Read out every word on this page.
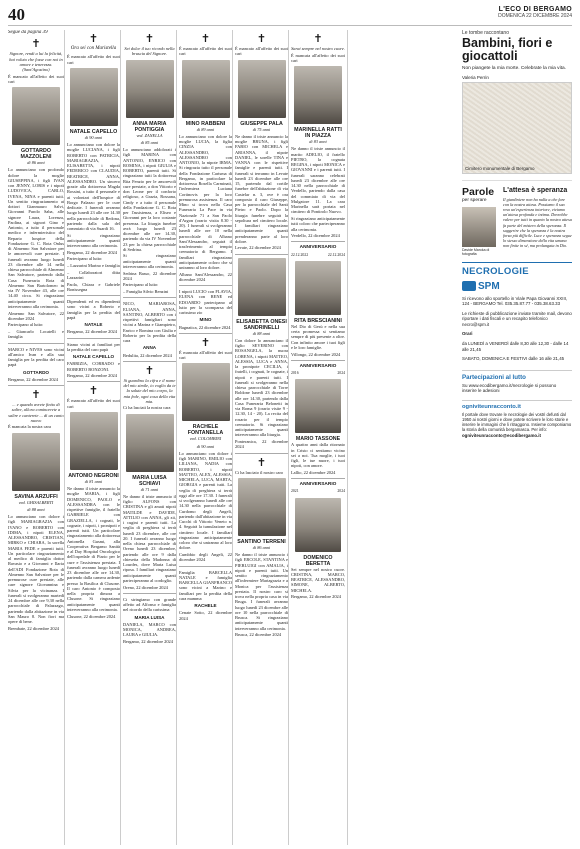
40	L'ECO DI BERGAMO
DOMENICA 22 DICEMBRE 2024
Segue da pagina 39
✝

Signore, rendi a lui la felicità, hai voluto che fosse con noi in amore e tenerezza. (Sant'Agostino)

È mancato all'affetto dei suoi cari

GOTTARDO MAZZOLENI
di 86 anni

Lo annunciano con profondo dolore la moglie GIUSEPPINA, i figli IVAN con JENNY, LORIS e i nipoti LUDOVICA, CARLO, IVENA, NINA e parenti tutti. Un sentito ringraziamento ai dottori Gianmauro Salvi, Giovanni Parolo Saba, alle signore Laura, Lorenza, Paolina, ai signori Gino e Antonio, a tutto il personale medico e infermieristico del Reparto hospice della Fondazione G. C. Rota Onlus di Almenno San Salvatore per le amorevoli cure prestate. I funerali avranno luogo lunedì 23 dicembre alle 14 nella chiesa parrocchiale di Almenno San Salvatore, partendo dalla Casa Funeraria Rota di Almenno San Bartolomeo in via IV Novembre 43, alle ore 14.40 circa. Si ringraziano anticipatamente quanti interverranno alla cerimonia.

Almenno San Salvatore, 22 dicembre 2024

Partecipano al lutto:

– Giancarlo Locatelli e famiglia

MARCO e NIVES sono vicini all'amico Ivan e alla sua famiglia per la perdita del caro papà

GOTTARDO

Bergamo, 22 dicembre 2024

✝

... e quando avrete finito di salire, allora comincerete a salire e canterete ... di un canto nuovo

È mancata la nostra cara

SAVINA ARZUFFI
ved. GHISALBERTI
di 88 anni

Lo annunciano con dolore i figli MARIAGRAZIA con IVANO e ROBERTO con IDIMA, i nipoti ELENA, ALESSANDRO, CRISTIAN, MIRKO e CHIARA, la sorella MARIA FEDE e parenti tutti. Un particolare ringraziamento al medico di famiglia dottor Ravasio e a Giovanni e Ilaria dell'ADI Fondazione Rota di Almenno San Salvatore per le premurose cure prestate, alle care signore Giovannina e Silvia per la vicinanza. I funerali si svolgeranno martedì 24 dicembre alle ore 9,30 nella parrocchiale di Palazzago, partendo dalla abitazione in via San Mauro 8. Non fiori ma opere di bene.

Brembate, 22 dicembre 2024

✝
Ora sei con Maristella

È mancato all'affetto dei suoi cari

NATALE CAPELLO
di 90 anni

Lo annunciano con dolore la moglie LUCIANA, i figli ROBERTO con PATRICIA, MARIAGRAZIA, ELISABETTA, i nipoti FEDERICO con CLAUDIA, BEATRICE, ANNA, ALESSANDRO. Un sincero grazie alla dottoressa Magda Rossini, a tutto il personale e ai volontari dell'hospice di Borgo Palazzo per le cure dedicate. I funerali avranno luogo lunedì 23 alle ore 14.30 nella parrocchiale di Redona, partendo dalla sala del commiato di via Suardi 16.

Si ringraziano anticipatamente quanti interverranno alla cerimonia.

Bergamo, 22 dicembre 2024

Partecipano al lutto:

– Lazzarini Marino e famiglia

– Collaboratori ditta Lazzarini

Paola, Chiara e Gabriele Bonissegna

Dipendenti ed ex dipendenti sono vicini a Roberto e famiglia per la perdita del papà

NATALE

Bergamo, 22 dicembre 2024

Siamo vicini ai familiari per la perdita del caro papà

NATALE CAPELLO

FABRIZIA, CORRADO e ROBERTO BONZONI.

Bergamo, 22 dicembre 2024

✝

È mancato all'affetto dei suoi cari

ANTONIO NEGRONI
di 81 anni

Ne danno il triste annuncio la moglie MARIA, i figli DOMENICO, PAOLO e ALESSANDRA con le rispettive famiglie, il fratello GABRIELE con GRAZIELLA, i cognati, le cognate, i nipoti, i pronipoti e parenti tutti. Un particolare ringraziamento alla dottoressa Antonella Gusmi, alla Cooperativa Bergamo Sanità e al Day Hospital Oncologico dell'ospedale di Piario per le cure e l'assistenza prestata. I funerali avranno luogo lunedì 23 dicembre alle ore 14.30, partendo dalla camera ardente presso la Basilica di Clusone. Il caro Antonio è composto nella propria dimora a Clusone. Si ringraziano anticipatamente quanti interverranno alla cerimonia.

Clusone, 22 dicembre 2024

✝

Sei dolce il tuo ricordo nella bruscia del Signore.

ANNA MARIA PONTIGGIA
ved. ZANELLA
di 85 anni

Lo annunciano addolorati i figli MARINA con ANTONIO, ENRICO con ROMINA, i nipoti GIULIA e ROBERTO, parenti tutti. Si ringraziano tutti la dottoressa Rita Fenzio per le amorevoli cure prestate, a don Vittorio e don Leone per il conforto religioso, a Grazia, Rossana, Cindy e a tutto il personale della Fondazione G. C. Rota per l'assistenza, a Eliseo e Giovanni per la loro costante presenza. La liturgia funebre avrà luogo lunedì 23 dicembre alle ore 14.30, partendo da via IV Novembre 23 per la chiesa parrocchiale di Sedrina.

Si ringraziano anticipatamente quanti interverranno alla cerimonia.

Sedrina Basso, 22 dicembre 2024

Partecipano al lutto:

– Famiglia Silvio Renzini

NICO, MARIAROSA, ELIANA, ANNA, SANTINO, ALBERTO con i rispettivi famigliari sono vicini a Marina e Giampietro, Enrico e Romina con Giulia e Roberto per la perdita della cara

ANNA

Bedulita, 22 dicembre 2024

✝

Si guardino la cifra e il nome del mio simile, io voglio da te la salute del mio corpo, la mia fede, ogni cosa della vita mia.

Ci ha lasciati la nostra cara

MARIA LUISA SCHIAVI
di 71 anni

Ne danno il triste annuncio il figlio ALFONS con CRISTINA e gli amati nipoti MATILDE e DAVIDE, ATTILIO con ANNA, gli zii, i cugini e parenti tutti. La veglia di preghiera si terrà lunedì 23 dicembre, alle ore 20. I funerali avranno luogo nella chiesa parrocchiale di Oreno lunedì 23 dicembre, partendo alle ore 9 dalla chiesetta della Madonna di Lourdes, dove Maria Luisa riposa. I familiari ringraziano anticipatamente quanti parteciperanno al cordoglio.

Oreno, 22 dicembre 2024

Ci stringiamo con grande affetto ad Alfonso e famiglia nel ricordo della carissima

MARIA LUISA

DANIELA, MARCO con MONICA, ANDREA, LAURA e GIULIA.

Bergamo, 22 dicembre 2024

✝

È mancato all'affetto dei suoi cari

MINO RABBENI
di 89 anni

Lo annunciano con dolore la moglie LUCIA, la figlia CINZIA con ALESSANDRO, ALESSANDRO con ANTONIO, la nipote IRMA. Si ringrazia tutto il personale della Fondazione Carisma di Bergamo, in particolare la dottoressa Rosella Carminati, l'infermiera Luciana Cortinovis per la loro premurosa assistenza. Il caro Mino si trova nella Casa Funeraria La Pace in via Nazionale 71 a San Paolo d'Argon (orario visita 8.30 - 20). I funerali si svolgeranno lunedì alle ore 10 nella parrocchiale di Albano Sant'Alessandro, seguirà il trasferimento al tempio crematorio di Bergamo. I familiari ringraziano anticipatamente coloro che si uniranno al loro dolore.

Albano Sant'Alessandro, 22 dicembre 2024

I nipoti LUCIO con FLAVIA, ELENA con RENE ed EDOARDO partecipano al lutto per la scomparsa del carissimo zio

MINO

Bagnatica, 22 dicembre 2024

✝

È mancata all'affetto dei suoi cari

RACHELE FONTANELLA
ved. COLOMBINI
di 90 anni

Lo annunciano con dolore i figli MARINO, EMILIO con LILIANA, NADIA con ROBERTO, i nipoti MATTEO, ALEX, ALESSIA, MICHELA, LUCA, MARTA, GIORGIA e parenti tutti. La veglia di preghiera si terrà oggi alle ore 17.30. I funerali si svolgeranno lunedì alle ore 14.30 nella parrocchiale di Curdomo degli Angeli, partendo dall'abitazione in via Cucchi di Vittorio Veneto n. 4. Seguirà la tumulazione nel cimitero locale. I familiari ringraziano anticipatamente coloro che si uniranno al loro dolore.

Cumbbio degli Angeli, 22 dicembre 2024

Famiglia BARCELLA NATALE e famiglia BARCELLA GIANFRANCO sono vicini a Marino e familiari per la perdita della cara mamma

RACHELE

Cenate Sotto, 22 dicembre 2024

✝

È mancato all'affetto dei suoi cari

GIUSEPPE PALA
di 75 anni

Ne danno il triste annuncio la moglie BRUNA, i figli FABIO con MICHELA e ARIANNA, il nipote DANIEL, le sorelle TINA e VANNA con le rispettive famiglie e parenti tutti. I funerali si terranno in Levate lunedì 23 dicembre alle ore 15, partendo dal cortile funebre dell'abitazione di via Castelar n. 3, ove è ora composto il caro Giuseppe, per la parrocchiale del Santi Pietro e Paolo. Dopo la liturgia funebre seguirà la sepoltura nel cimitero locale. I familiari ringraziano anticipatamente quanti prenderanno parte al loro dolore.

Levate, 22 dicembre 2024

ELISABETTA ONESI SANDRINELLI
di 88 anni

Con dolore lo annunciano il figlio SEVERINO con ROSANGELA, la nuora LORENA, i nipoti MATTEO, ALESSIA, LUCA e ANNA, la pronipote CECILIA, i fratelli, i cognati, le cognate, i nipoti e parenti tutti. I funerali si svolgeranno nella chiesa parrocchiale di Torre Boldone lunedì 23 dicembre alle ore 14.30, partendo dalla Casa Funeraria Belonetti in via Roma 9 (orario visite 9 - 12.30, 14 - 20). La recita del rosario per il tempio crematorio. Si ringraziano anticipatamente quanti interverranno alla liturgia.

Ponteranica, 22 dicembre 2024

✝

Ci ha lasciato il nostro caro

SANTINO TERRENI
di 86 anni

Ne danno il triste annuncio i figli ERCOLE, STANTINA e PIERLUIGI con AMALIA, i nipoti e parenti tutti. Un sentito ringraziamento all'infermiere Mariagrazia e a Monica per l'assistenza prestata. Il nostro caro si trova nella propria casa in via Bruga. I funerali avranno luogo lunedì 23 dicembre alle ore 10 nella parrocchiale di Brusca. Si ringraziano anticipatamente quanti interverranno alla cerimonia.

Brusca, 22 dicembre 2024

✝

Sarai sempre nel nostro cuore.

È mancata all'affetto dei suoi cari

MARINELLA RATTI IN PIAZZA
di 83 anni

Ne danno il triste annuncio il marito ADELIO, il fratello PIETRO, la cognata REGINA, i nipoti MONICA e GIOVANNI e i parenti tutti. I funerali saranno celebrati lunedì 23 dicembre alle ore 14.30 nella parrocchiale di Verdello, partendo dalla casa del commiato di via del Mulgatore 11. La cara Marinella sarà portata nel cimitero di Pontirolo Nuovo.

Si ringraziano anticipatamente tutti coloro che parteciperanno alla cerimonia.

Verdello, 22 dicembre 2024

ANNIVERSARIO
22.12.2022	22.12.2024
RITA BRESCIANINI

Nel Dio di Gesù e nella sua certa promessa si sentiamo sempre di più presente a oltre. Con infinito amore i tuoi figli e le loro famiglie.

Villongo, 22 dicembre 2024

ANNIVERSARIO
2016	2024
MARIO TASSONE

A quattro anni dalla ritornato in Cristo ci sentiamo vicino sei a noi. Tua moglie, i tuoi figli, le tue nuore, i tuoi nipoti, con amore.

Lallio, 22 dicembre 2024

ANNIVERSARIO
2021	2024
DOMENICO BERETTA

Sei sempre nel nostro cuore. CRISTINA, MARCO, BEATRICE, ALESSANDRO, SIMONE, ALBERTO, MICHELA.

Bergamo, 22 dicembre 2024

Le tombe raccontano
Bambini, fiori e giocattoli
Non piangete la mia morte. Celebrate la mia vita.
Valeria Perrin
Cimitero monumentale di Bergamo
Parole
per sperare
Davide Maroka di fotografia
L'attesa è speranza

Il giardiniere non ha nulla a che fare con la nostra attesa. Possiamo il suo reso un'esperienza interiore, viviamo un'attesa profonda e intima. Dovrebbe valere per tutti in quanto la nostra attesa fa parte del mistero della speranza. Il suggerire che la speranza è la nostra forza più difficile. Luce e speranza segue lo stesso dimensione della vita umana non finite in sé, ma prolungata in Dio.

NECROLOGIE
SPM
Si ricevono allo sportello in Viale Papa Giovanni XXIII, 124 - BERGAMO Tel. 035.35.87.77 - 035.38.63.33
Le richieste di pubblicazione inviate tramite mail, devono riportare i dati fiscali e un recapito telefonico necro@spm.it
Orari
da LUNEDÌ a VENERDÌ dalle 8,30 alle 12,30 - dalle 14 alle 21,45
SABATO, DOMENICA E FESTIVI dalle 16 alle 21,45
Partecipazioni al lutto
Su www.ecodibergamo.it/necrologie si possono inserire le adesioni
ogniviteunracconto.it

Il portale dove trovare le necrologie dei vostri defunti dal 1950 ai nostri giorni e dove potete scrivere le loro storie e inserire le immagini che li ritraggono. Insieme componiamo la storia della comunità bergamasca. Per info:

ogniviteunracconto@ecodibergamo.it
